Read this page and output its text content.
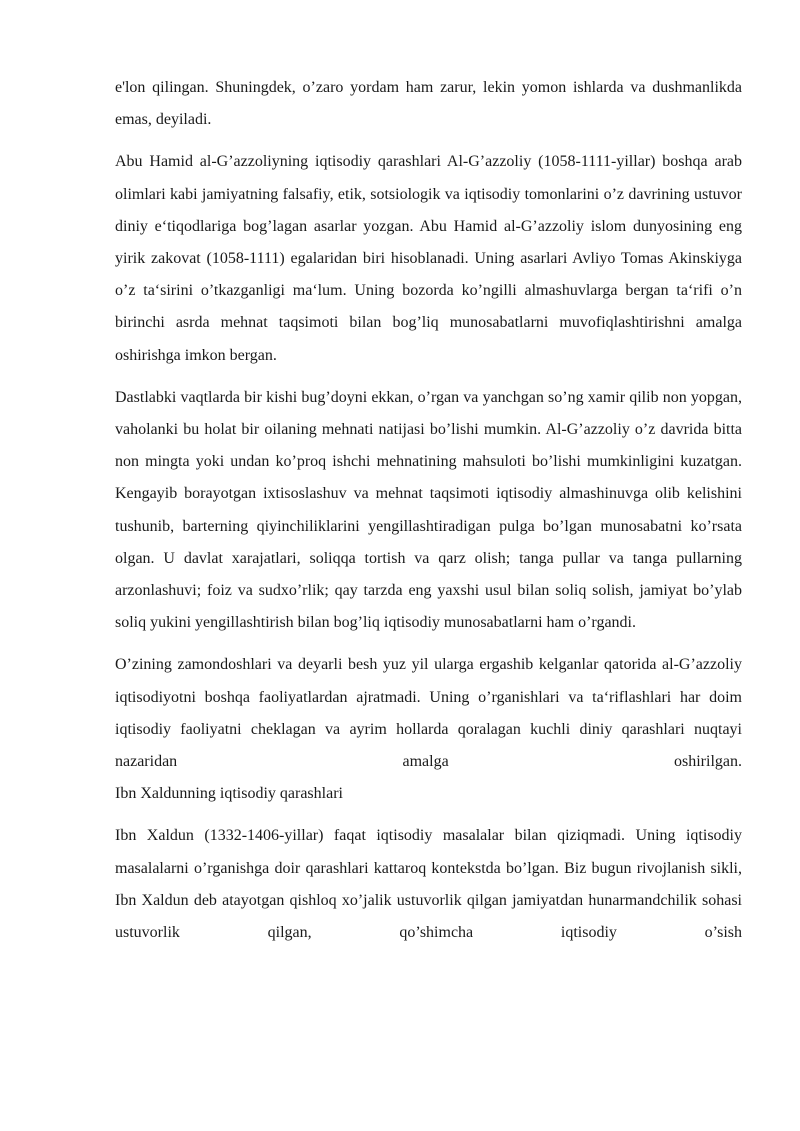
e'lon qilingan. Shuningdek, o’zaro yordam ham zarur, lekin yomon ishlarda va dushmanlikda emas, deyiladi.

Abu Hamid al-G’azzoliyning iqtisodiy qarashlari Al-G’azzoliy (1058-1111-yillar) boshqa arab olimlari kabi jamiyatning falsafiy, etik, sotsiologik va iqtisodiy tomonlarini o’z davrining ustuvor diniy e‘tiqodlariga bog’lagan asarlar yozgan. Abu Hamid al-G’azzoliy islom dunyosining eng yirik zakovat (1058-1111) egalaridan biri hisoblanadi. Uning asarlari Avliyo Tomas Akinskiyga o’z ta‘sirini o’tkazganligi ma‘lum. Uning bozorda ko’ngilli almashuvlarga bergan ta‘rifi o’n birinchi asrda mehnat taqsimoti bilan bog’liq munosabatlarni muvofiqlashtirishni amalga oshirishga imkon bergan.

Dastlabki vaqtlarda bir kishi bug’doyni ekkan, o’rgan va yanchgan so’ng xamir qilib non yopgan, vaholanki bu holat bir oilaning mehnati natijasi bo’lishi mumkin. Al-G’azzoliy o’z davrida bitta non mingta yoki undan ko’proq ishchi mehnatining mahsuloti bo’lishi mumkinligini kuzatgan. Kengayib borayotgan ixtisoslashuv va mehnat taqsimoti iqtisodiy almashinuvga olib kelishini tushunib, barterning qiyinchiliklarini yengillashtiradigan pulga bo’lgan munosabatni ko’rsata olgan. U davlat xarajatlari, soliqqa tortish va qarz olish; tanga pullar va tanga pullarning arzonlashuvi; foiz va sudxo’rlik; qay tarzda eng yaxshi usul bilan soliq solish, jamiyat bo’ylab soliq yukini yengillashtirish bilan bog’liq iqtisodiy munosabatlarni ham o’rgandi.

O’zining zamondoshlari va deyarli besh yuz yil ularga ergashib kelganlar qatorida al-G’azzoliy iqtisodiyotni boshqa faoliyatlardan ajratmadi. Uning o’rganishlari va ta‘riflashlari har doim iqtisodiy faoliyatni cheklagan va ayrim hollarda qoralagan kuchli diniy qarashlari nuqtayi nazaridan amalga oshirilgan.

Ibn Xaldunning iqtisodiy qarashlari

Ibn Xaldun (1332-1406-yillar) faqat iqtisodiy masalalar bilan qiziqmadi. Uning iqtisodiy masalalarni o’rganishga doir qarashlari kattaroq kontekstda bo’lgan. Biz bugun rivojlanish sikli, Ibn Xaldun deb atayotgan qishloq xo’jalik ustuvorlik qilgan jamiyatdan hunarmandchilik sohasi ustuvorlik qilgan, qo’shimcha iqtisodiy o’sish
